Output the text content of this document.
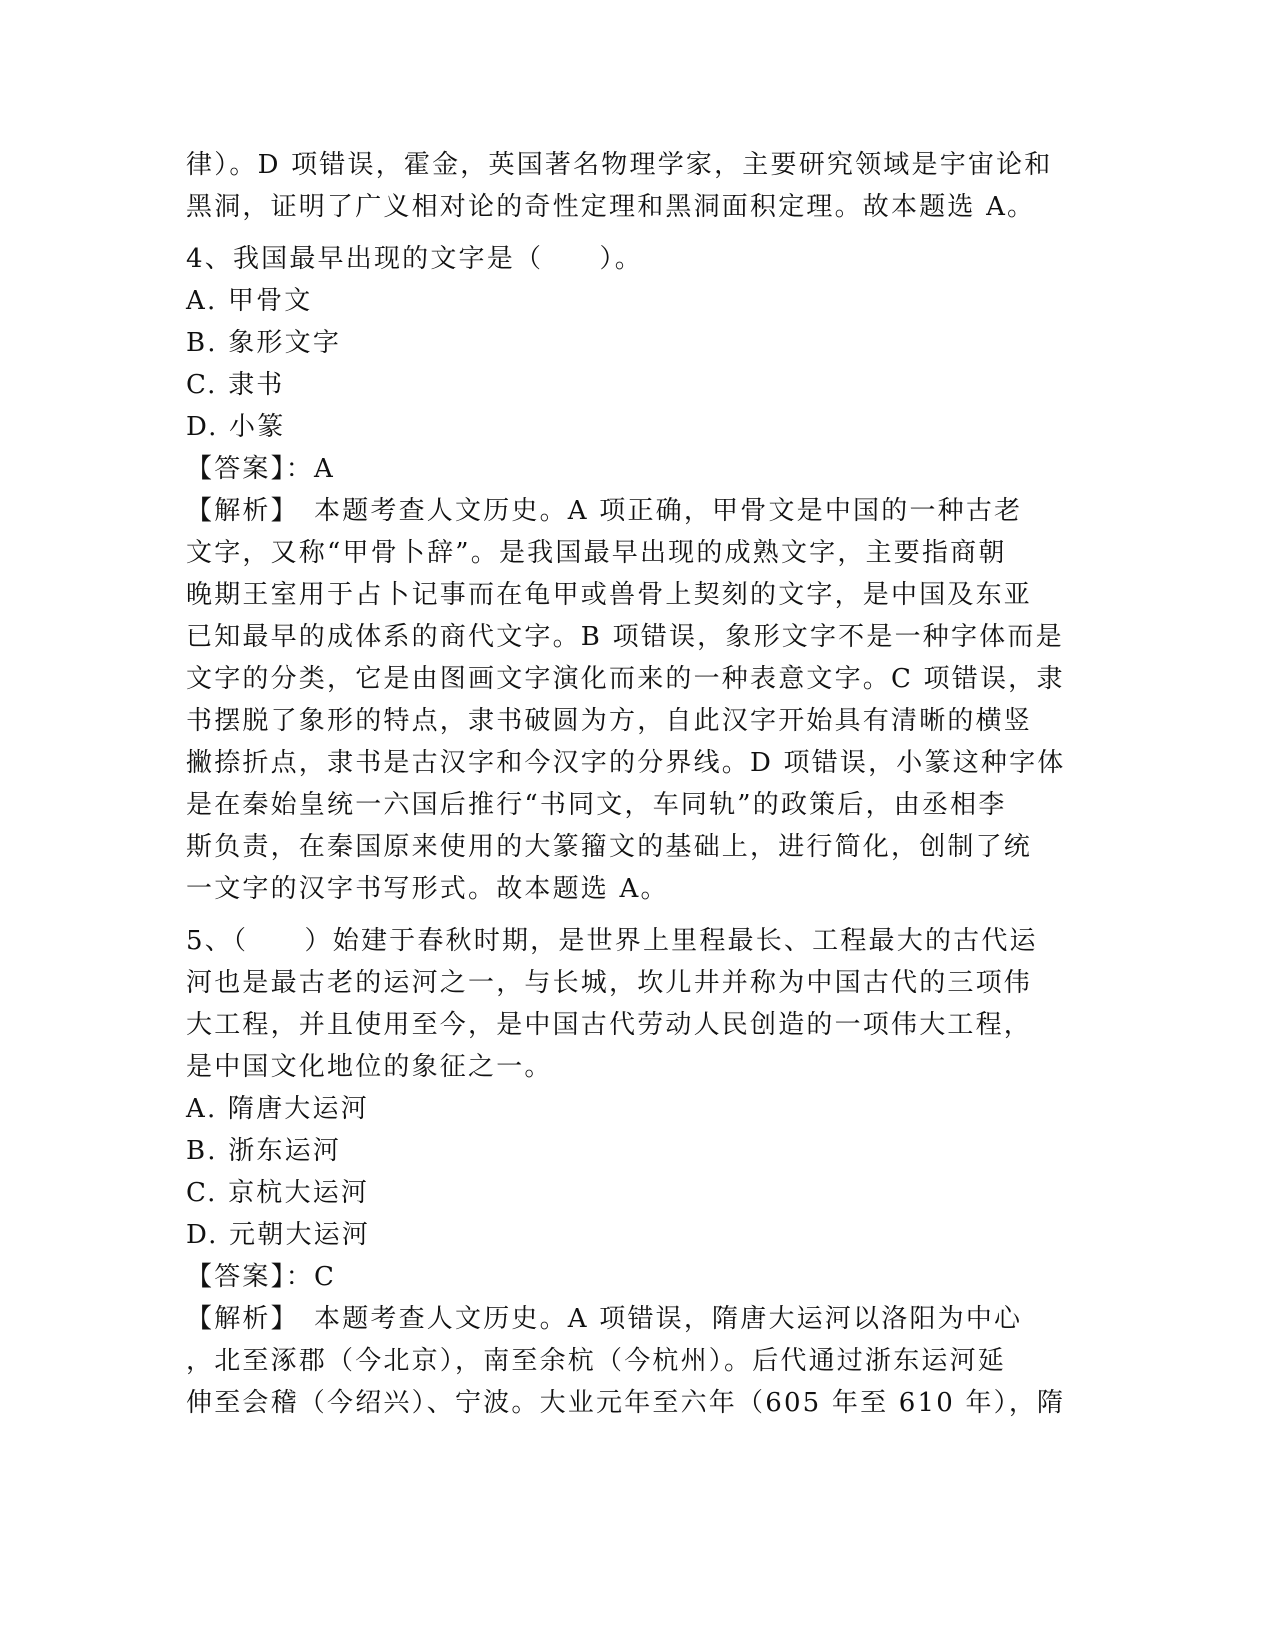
律）。D 项错误，霍金，英国著名物理学家，主要研究领域是宇宙论和
黑洞，证明了广义相对论的奇性定理和黑洞面积定理。故本题选 A。
4、我国最早出现的文字是（　　）。
A. 甲骨文
B. 象形文字
C. 隶书
D. 小篆
【答案】：A
【解析】　本题考查人文历史。A 项正确，甲骨文是中国的一种古老
文字，又称“甲骨卜辞”。是我国最早出现的成熟文字，主要指商朝
晚期王室用于占卜记事而在龟甲或兽骨上契刻的文字，是中国及东亚
已知最早的成体系的商代文字。B 项错误，象形文字不是一种字体而是
文字的分类，它是由图画文字演化而来的一种表意文字。C 项错误，隶
书摆脱了象形的特点，隶书破圆为方，自此汉字开始具有清晰的横竖
撇捺折点，隶书是古汉字和今汉字的分界线。D 项错误，小篆这种字体
是在秦始皇统一六国后推行“书同文，车同轨”的政策后，由丞相李
斯负责，在秦国原来使用的大篆籀文的基础上，进行简化，创制了统
一文字的汉字书写形式。故本题选 A。
5、（　　）始建于春秋时期，是世界上里程最长、工程最大的古代运
河也是最古老的运河之一，与长城，坎儿井并称为中国古代的三项伟
大工程，并且使用至今，是中国古代劳动人民创造的一项伟大工程，
是中国文化地位的象征之一。
A. 隋唐大运河
B. 浙东运河
C. 京杭大运河
D. 元朝大运河
【答案】：C
【解析】　本题考查人文历史。A 项错误，隋唐大运河以洛阳为中心
，北至涿郡（今北京），南至余杭（今杭州）。后代通过浙东运河延
伸至会稽（今绍兴）、宁波。大业元年至六年（605 年至 610 年），隋
